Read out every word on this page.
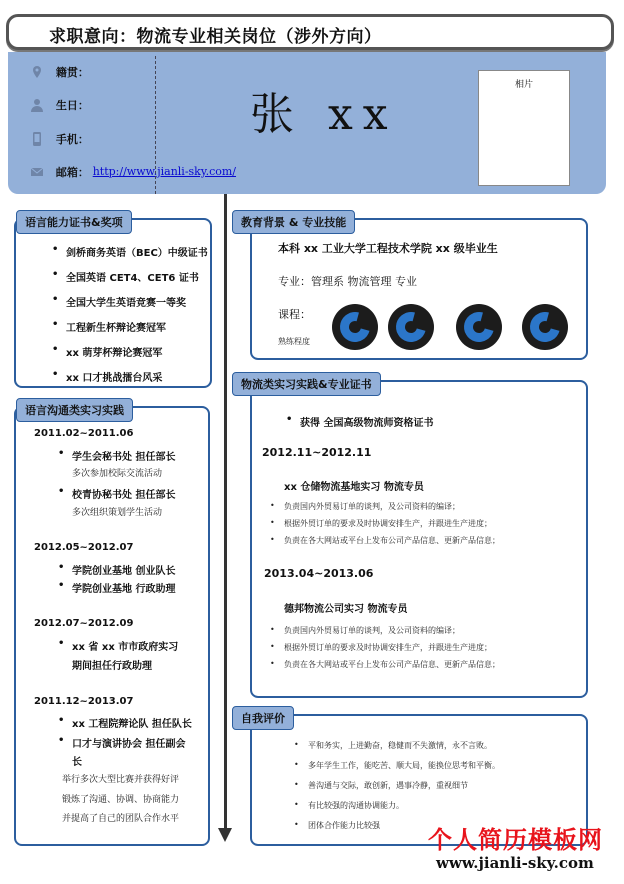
求职意向：物流专业相关岗位（涉外方向）
籍贯：
生日：
手机：
邮箱： http://www.jianli-sky.com/
张 xx
相片
• 剑桥商务英语（BEC）中级证书
• 全国英语 CET4、CET6 证书
• 全国大学生英语竞赛一等奖
• 工程新生杯辩论赛冠军
• xx 萌芽杯辩论赛冠军
• xx 口才挑战擂台风采
语言能力证书&奖项
2011.02~2011.06
• 学生会秘书处 担任部长
多次参加校际交流活动
• 校青协秘书处 担任部长
多次组织策划学生活动
2012.05~2012.07
• 学院创业基地 创业队长
• 学院创业基地 行政助理
2012.07~2012.09
• xx 省 xx 市市政府实习
期间担任行政助理
2011.12~2013.07
• xx 工程院辩论队 担任队长
• 口才与演讲协会 担任副会
长
举行多次大型比赛并获得好评
锻炼了沟通、协调、协商能力
并提高了自己的团队合作水平
语言沟通类实习实践
本科 xx 工业大学工程技术学院 xx 级毕业生
专业：管理系 物流管理 专业
课程：
熟练程度
教育背景 & 专业技能
• 获得 全国高级物流师资格证书
2012.11~2012.11
xx 仓储物流基地实习 物流专员
• 负责国内外贸易订单的谈判，及公司资料的编译；
• 根据外贸订单的要求及时协调安排生产，并跟进生产进度；
• 负责在各大网站或平台上发布公司产品信息、更新产品信息；
2013.04~2013.06
德邦物流公司实习 物流专员
• 负责国内外贸易订单的谈判，及公司资料的编译；
• 根据外贸订单的要求及时协调安排生产，并跟进生产进度；
• 负责在各大网站或平台上发布公司产品信息、更新产品信息；
物流类实习实践&专业证书
• 平和务实，上进勤奋，稳健而不失激情，永不言败。
• 多年学生工作，能吃苦、顺大局，能换位思考和平衡。
• 善沟通与交际，敢创新，遇事冷静，重视细节
• 有比较强的沟通协调能力。
• 团体合作能力比较强
自我评价
个人简历模板网
www.jianli-sky.com
